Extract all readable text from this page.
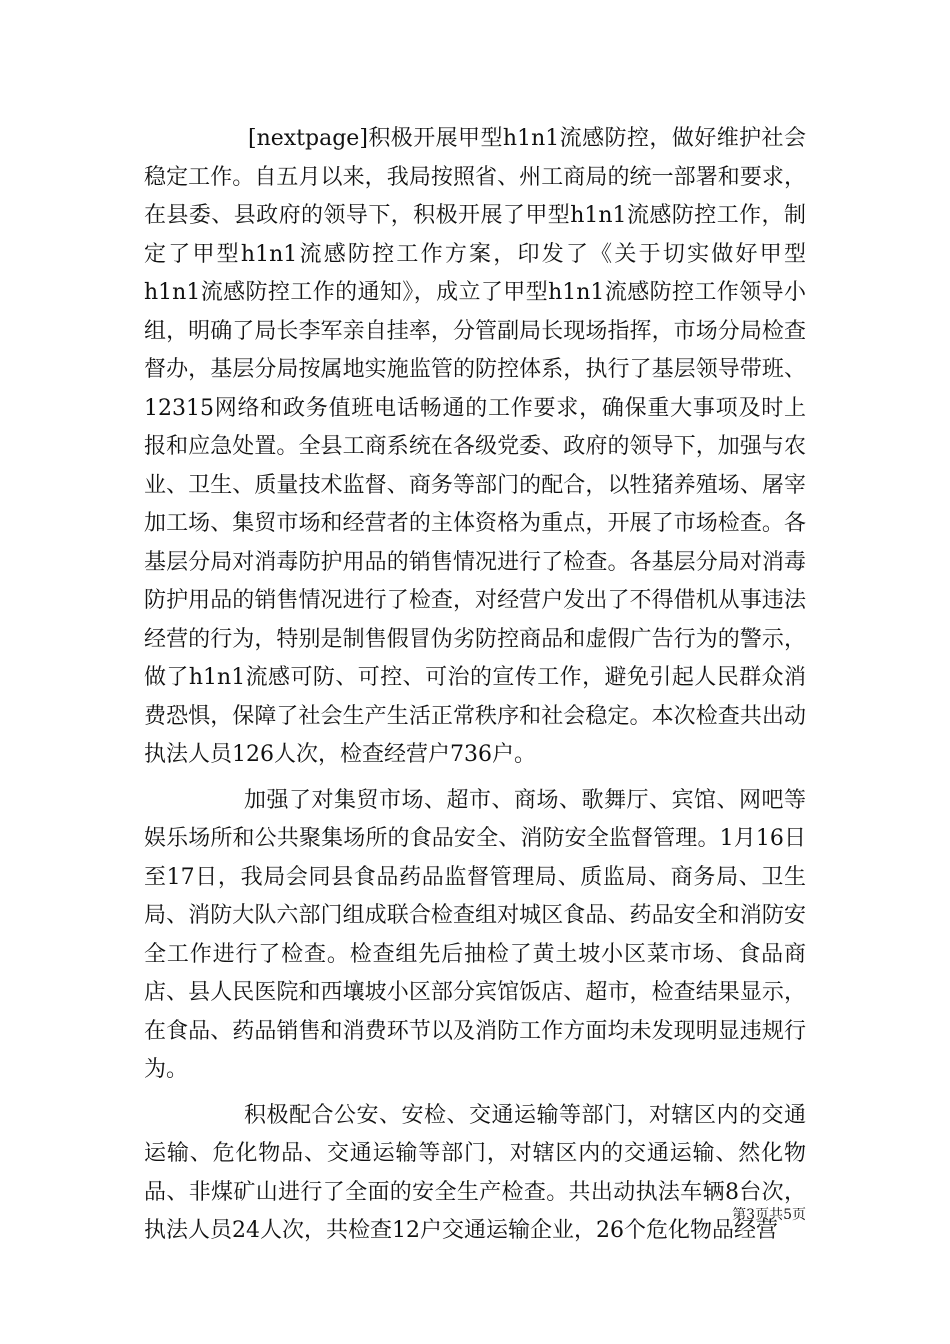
[nextpage]积极开展甲型h1n1流感防控，做好维护社会稳定工作。自五月以来，我局按照省、州工商局的统一部署和要求，在县委、县政府的领导下，积极开展了甲型h1n1流感防控工作，制定了甲型h1n1流感防控工作方案，印发了《关于切实做好甲型h1n1流感防控工作的通知》，成立了甲型h1n1流感防控工作领导小组，明确了局长李军亲自挂率，分管副局长现场指挥，市场分局检查督办，基层分局按属地实施监管的防控体系，执行了基层领导带班、12315网络和政务值班电话畅通的工作要求，确保重大事项及时上报和应急处置。全县工商系统在各级党委、政府的领导下，加强与农业、卫生、质量技术监督、商务等部门的配合，以牲猪养殖场、屠宰加工场、集贸市场和经营者的主体资格为重点，开展了市场检查。各基层分局对消毒防护用品的销售情况进行了检查。各基层分局对消毒防护用品的销售情况进行了检查，对经营户发出了不得借机从事违法经营的行为，特别是制售假冒伪劣防控商品和虚假广告行为的警示，做了h1n1流感可防、可控、可治的宣传工作，避免引起人民群众消费恐惧，保障了社会生产生活正常秩序和社会稳定。本次检查共出动执法人员126人次，检查经营户736户。

加强了对集贸市场、超市、商场、歌舞厅、宾馆、网吧等娱乐场所和公共聚集场所的食品安全、消防安全监督管理。1月16日至17日，我局会同县食品药品监督管理局、质监局、商务局、卫生局、消防大队六部门组成联合检查组对城区食品、药品安全和消防安全工作进行了检查。检查组先后抽检了黄土坡小区菜市场、食品商店、县人民医院和西壤坡小区部分宾馆饭店、超市，检查结果显示，在食品、药品销售和消费环节以及消防工作方面均未发现明显违规行为。

积极配合公安、安检、交通运输等部门，对辖区内的交通运输、危化物品、交通运输等部门，对辖区内的交通运输、然化物品、非煤矿山进行了全面的安全生产检查。共出动执法车辆8台次，执法人员24人次，共检查12户交通运输企业，26个危化物品经营

第3页共5页
